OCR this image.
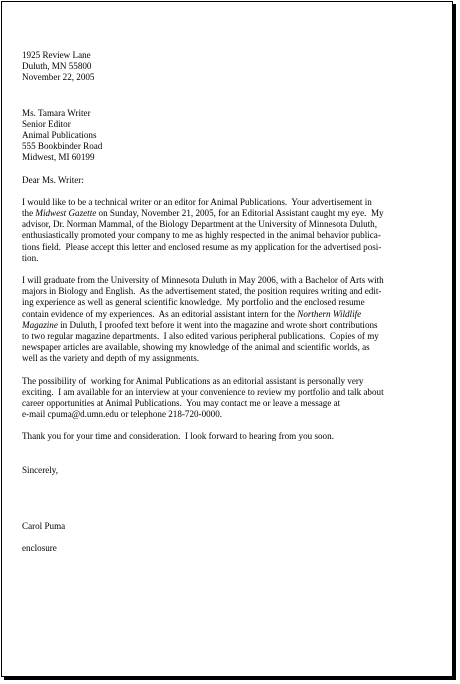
1925 Review Lane
Duluth, MN 55800
November 22, 2005
Ms. Tamara Writer
Senior Editor
Animal Publications
555 Bookbinder Road
Midwest, MI 60199
Dear Ms. Writer:
I would like to be a technical writer or an editor for Animal Publications.  Your advertisement in
the Midwest Gazette on Sunday, November 21, 2005, for an Editorial Assistant caught my eye.  My
advisor, Dr. Norman Mammal, of the Biology Department at the University of Minnesota Duluth,
enthusiastically promoted your company to me as highly respected in the animal behavior publica-
tions field.  Please accept this letter and enclosed resume as my application for the advertised posi-
tion.
I will graduate from the University of Minnesota Duluth in May 2006, with a Bachelor of Arts with
majors in Biology and English.  As the advertisement stated, the position requires writing and edit-
ing experience as well as general scientific knowledge.  My portfolio and the enclosed resume
contain evidence of my experiences.  As an editorial assistant intern for the Northern Wildlife
Magazine in Duluth, I proofed text before it went into the magazine and wrote short contributions
to two regular magazine departments.  I also edited various peripheral publications.  Copies of my
newspaper articles are available, showing my knowledge of the animal and scientific worlds, as
well as the variety and depth of my assignments.
The possibility of  working for Animal Publications as an editorial assistant is personally very
exciting.  I am available for an interview at your convenience to review my portfolio and talk about
career opportunities at Animal Publications.  You may contact me or leave a message at
e-mail cpuma@d.umn.edu or telephone 218-720-0000.
Thank you for your time and consideration.  I look forward to hearing from you soon.
Sincerely,
Carol Puma
enclosure
